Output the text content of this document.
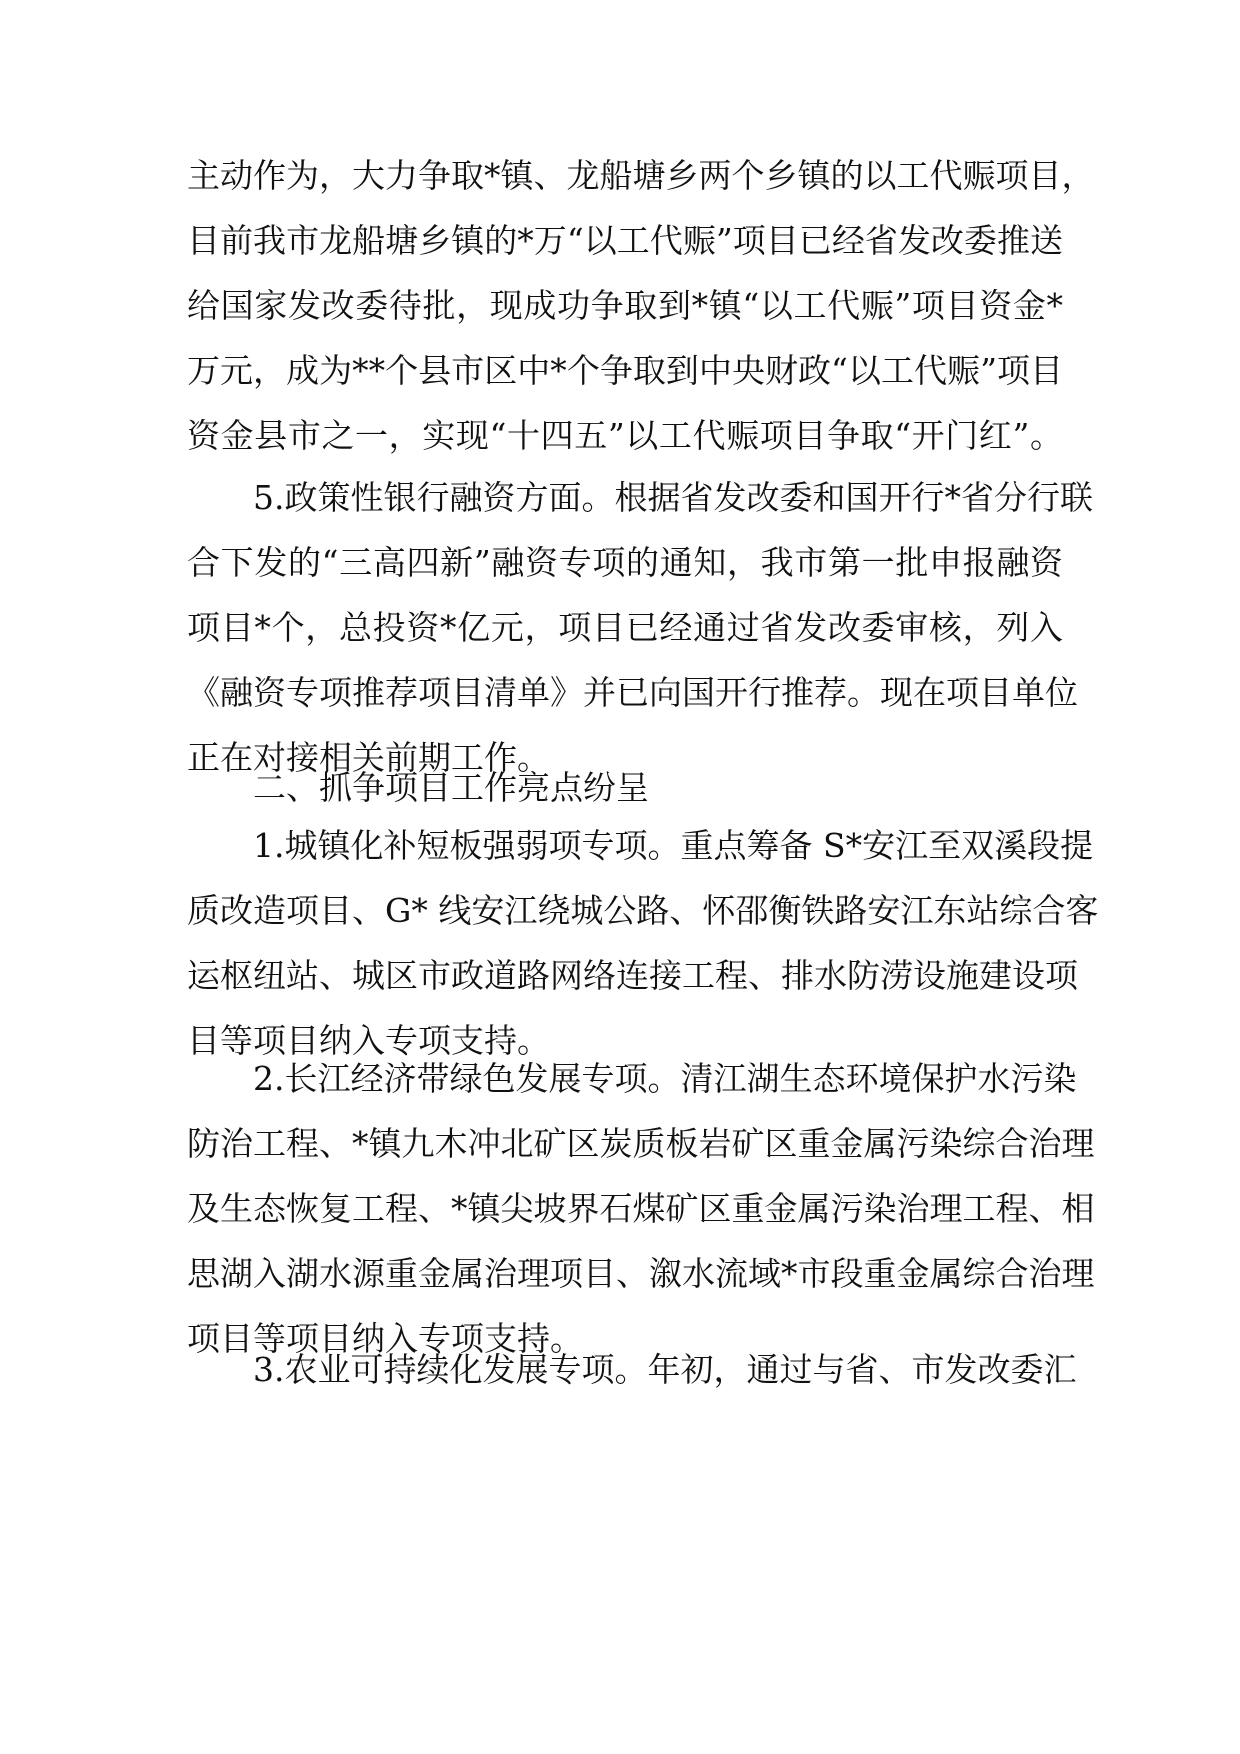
主动作为，大力争取*镇、龙船塘乡两个乡镇的以工代赈项目，
目前我市龙船塘乡镇的*万“以工代赈”项目已经省发改委推送
给国家发改委待批，现成功争取到*镇“以工代赈”项目资金*
万元，成为**个县市区中*个争取到中央财政“以工代赈”项目
资金县市之一，实现“十四五”以工代赈项目争取“开门红”。
5.政策性银行融资方面。根据省发改委和国开行*省分行联
合下发的“三高四新”融资专项的通知，我市第一批申报融资
项目*个，总投资*亿元，项目已经通过省发改委审核，列入
《融资专项推荐项目清单》并已向国开行推荐。现在项目单位
正在对接相关前期工作。
二、抓争项目工作亮点纷呈
1.城镇化补短板强弱项专项。重点筹备 S*安江至双溪段提
质改造项目、G* 线安江绕城公路、怀邵衡铁路安江东站综合客
运枢纽站、城区市政道路网络连接工程、排水防涝设施建设项
目等项目纳入专项支持。
2.长江经济带绿色发展专项。清江湖生态环境保护水污染
防治工程、*镇九木冲北矿区炭质板岩矿区重金属污染综合治理
及生态恢复工程、*镇尖坡界石煤矿区重金属污染治理工程、相
思湖入湖水源重金属治理项目、溆水流域*市段重金属综合治理
项目等项目纳入专项支持。
3.农业可持续化发展专项。年初，通过与省、市发改委汇
